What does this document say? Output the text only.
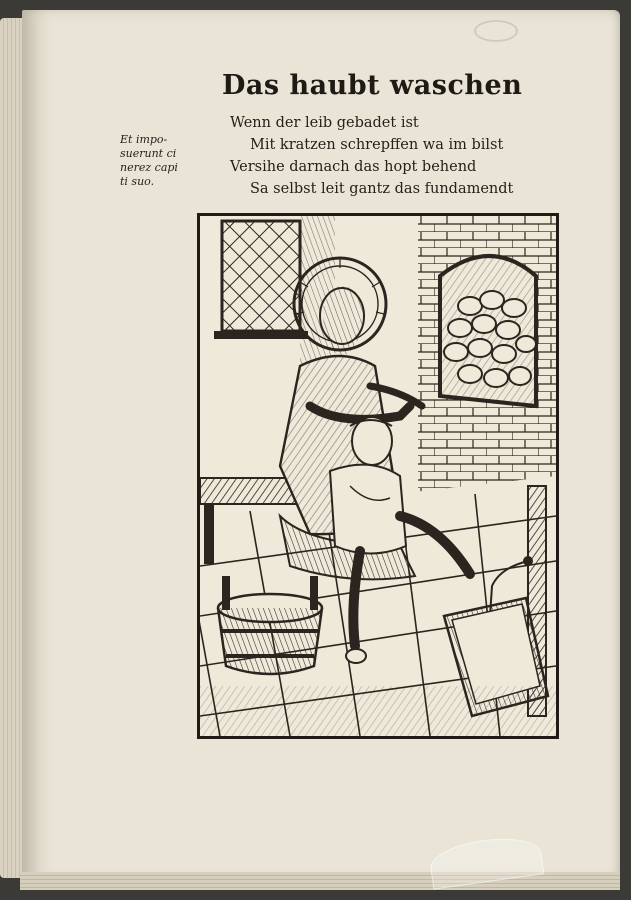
Das haubt waschen
Wenn der leib gebadet ist
Mit kratzen schrepffen wa im bilst
Versihe darnach das hopt behend
Sa selbst leit gantz das fundamendt
Et impo-
suerunt ci
nerez capi
ti suo.
